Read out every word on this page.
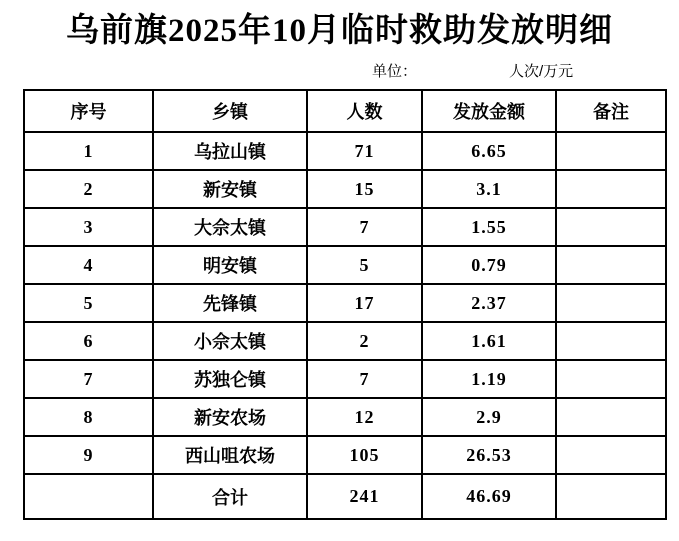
乌前旗2025年10月临时救助发放明细
单位：	人次/万元
序号	乡镇	人数	发放金额	备注
1	乌拉山镇	71	6.65	
2	新安镇	15	3.1	
3	大佘太镇	7	1.55	
4	明安镇	5	0.79	
5	先锋镇	17	2.37	
6	小佘太镇	2	1.61	
7	苏独仑镇	7	1.19	
8	新安农场	12	2.9	
9	西山咀农场	105	26.53	
	合计	241	46.69	
